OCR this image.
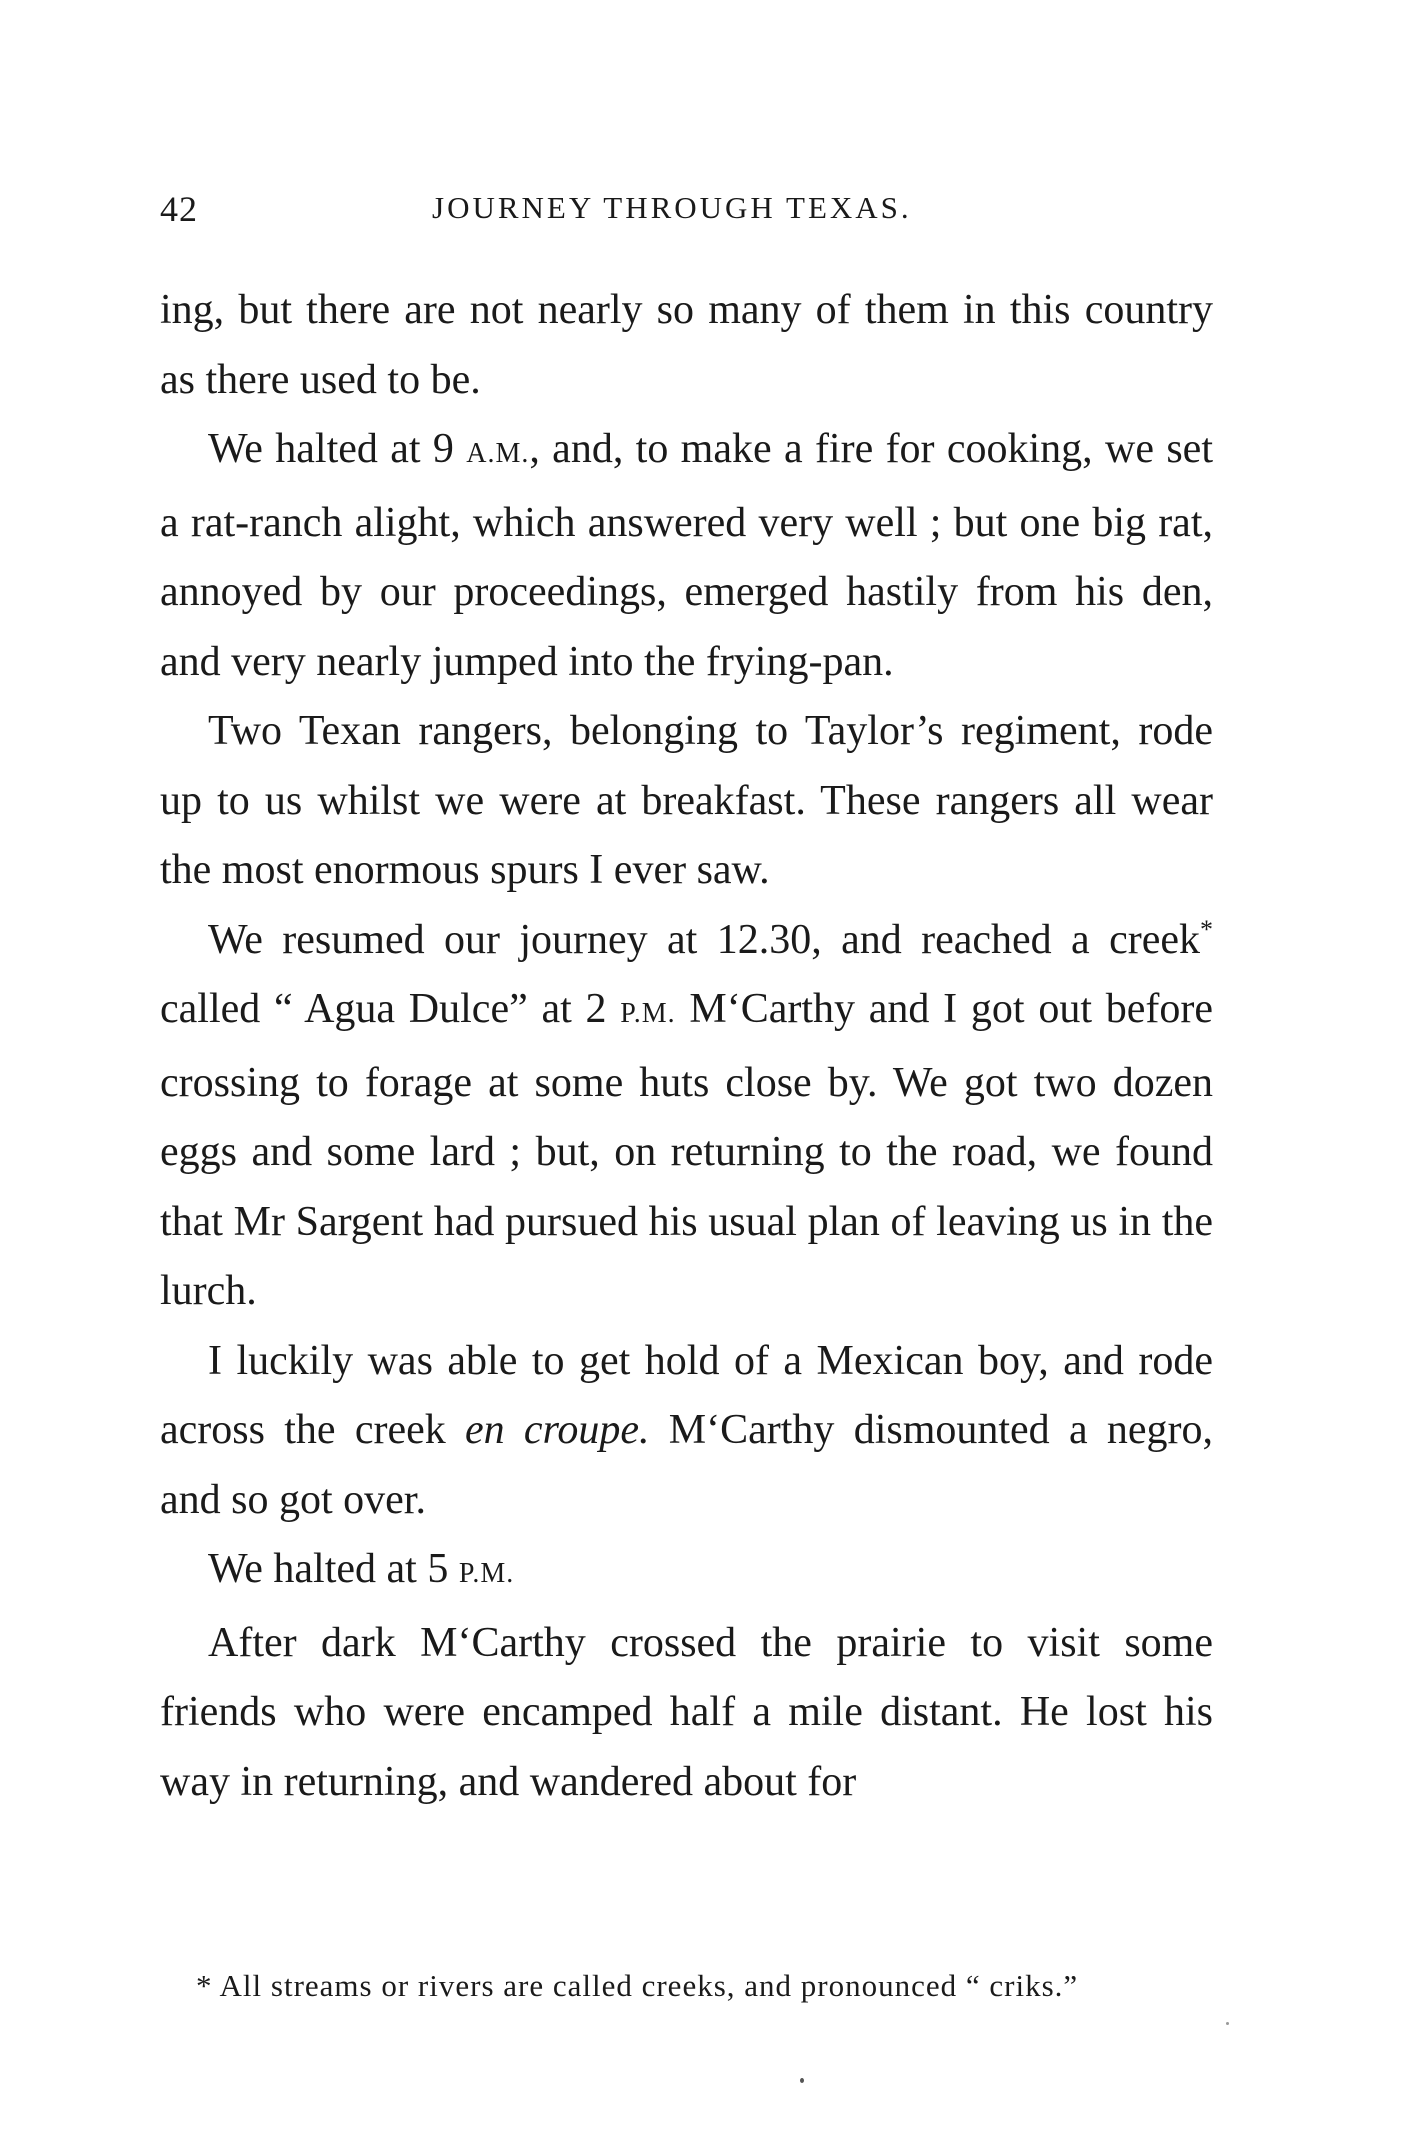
42	JOURNEY THROUGH TEXAS.

ing, but there are not nearly so many of them in this country as there used to be.

We halted at 9 A.M., and, to make a fire for cooking, we set a rat-ranch alight, which answered very well ; but one big rat, annoyed by our proceedings, emerged hastily from his den, and very nearly jumped into the frying-pan.

Two Texan rangers, belonging to Taylor’s regiment, rode up to us whilst we were at breakfast. These rangers all wear the most enormous spurs I ever saw.

We resumed our journey at 12.30, and reached a creek* called “ Agua Dulce” at 2 P.M. M‘Carthy and I got out before crossing to forage at some huts close by. We got two dozen eggs and some lard ; but, on returning to the road, we found that Mr Sargent had pursued his usual plan of leaving us in the lurch.

I luckily was able to get hold of a Mexican boy, and rode across the creek en croupe. M‘Carthy dismounted a negro, and so got over.

We halted at 5 P.M.

After dark M‘Carthy crossed the prairie to visit some friends who were encamped half a mile distant. He lost his way in returning, and wandered about for

* All streams or rivers are called creeks, and pronounced “ criks.”
